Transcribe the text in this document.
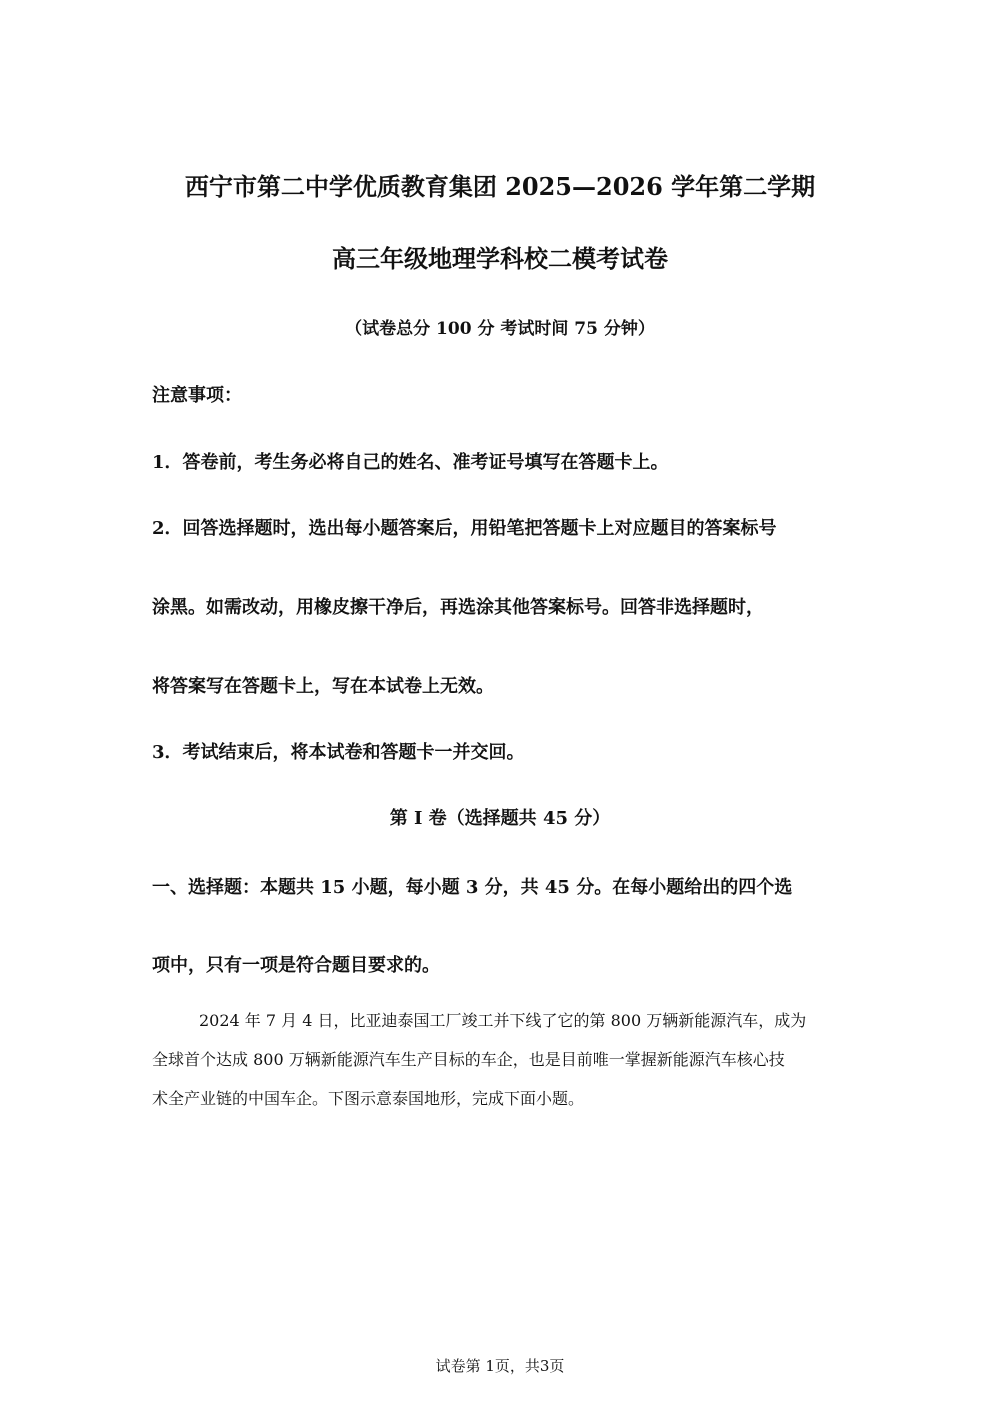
西宁市第二中学优质教育集团 2025—2026 学年第二学期
高三年级地理学科校二模考试卷
（试卷总分 100 分 考试时间 75 分钟）
注意事项：
1．答卷前，考生务必将自己的姓名、准考证号填写在答题卡上。
2．回答选择题时，选出每小题答案后，用铅笔把答题卡上对应题目的答案标号
涂黑。如需改动，用橡皮擦干净后，再选涂其他答案标号。回答非选择题时，
将答案写在答题卡上，写在本试卷上无效。
3．考试结束后，将本试卷和答题卡一并交回。
第 I 卷（选择题共 45 分）
一、选择题：本题共 15 小题，每小题 3 分，共 45 分。在每小题给出的四个选
项中，只有一项是符合题目要求的。
2024 年 7 月 4 日，比亚迪泰国工厂竣工并下线了它的第 800 万辆新能源汽车，成为
全球首个达成 800 万辆新能源汽车生产目标的车企，也是目前唯一掌握新能源汽车核心技
术全产业链的中国车企。下图示意泰国地形，完成下面小题。
试卷第 1页，共3页
